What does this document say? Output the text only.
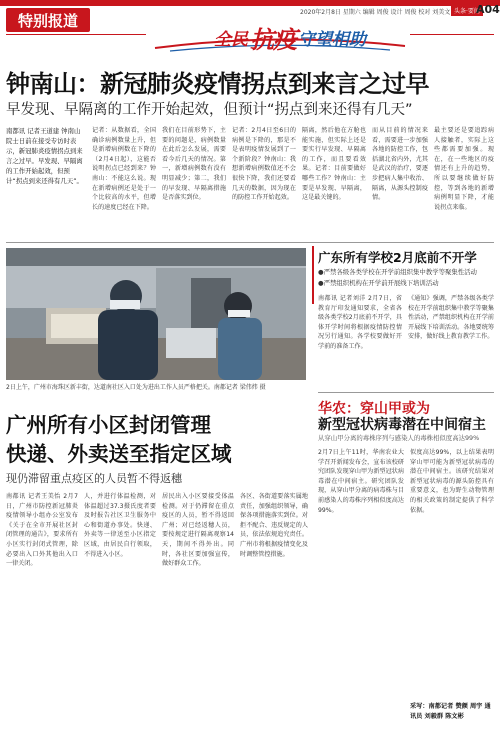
特别报道	2020年2月8日 星期六 编辑 周俊 设计 周俊 校对 刘美文 头条·要闻
A04
全民 抗疫 守望相助
钟南山：新冠肺炎疫情拐点到来言之过早
早发现、早隔离的工作开始起效，但预计“拐点到来还得有几天”
南都讯 记者王道建 钟南山院士日前在接受专访时表示，新冠肺炎疫情拐点到来言之过早。早发现、早隔离的工作开始起效，但预计“拐点到来还得有几天”。
记者：从数据看，全国确诊病例数量上升，但是新增病例数在下降的（2月4日起），这能否说明拐点已经到来？钟南山：不能这么说。现在新增病例还是处于一个比较高的水平，但增长的速度已经在下降。
我们在目前形势下，主要的问题是，病例数量在此后怎么发展，需要看今后几天的情况。第一，新增病例数有没有明显减少；第二，我们的早发现、早隔离措施是否落实到位。
记者：2月4日至6日的病例是下降的，那是不是表明疫情发展到了一个新阶段？钟南山：我想新增病例数值还不会很快下降，我们还要看几天的数据，因为现在的防控工作开始起效。
隔离，然后他在方舱也能实施，但实际上还是要实行早发现、早隔离的工作，而且要看效果。记者：目前要做好哪些工作？钟南山：主要是早发现、早隔离，这是最关键的。
而从目前的情况来看，需要进一步加强各地的防控工作，包括湖北省内外，尤其是武汉的治疗，要逐步把病人集中收治、隔离，从源头控制疫情。
最主要还是要追踪病人接触者，实际上这些都需要加强。现在，在一些地区的疫情还有上升的趋势，所以要继续做好防控，等到各地的新增病例明显下降，才能说拐点来临。
2日上午，广州市海珠区新丰街，达道南社区入口处为进出工作人员严格把关。南都记者 梁伟炜 摄
广东所有学校2月底前不开学
●严禁各级各类学校在开学前组织集中教学等聚集性活动
●严禁组织机构在开学前开展线下培训活动
南都讯 记者刘洋 2月7日，省教育厅印发通知要求，全省各级各类学校2月底前不开学，具体开学时间将根据疫情防控情况另行通知。各学校要做好开学前的准备工作。
《通知》强调，严禁各级各类学校在开学前组织集中教学等聚集性活动，严禁组织机构在开学前开展线下培训活动。各地要统筹安排，做好线上教育教学工作。
华农：穿山甲或为
新型冠状病毒潜在中间宿主
从穿山甲分离的毒株序列与感染人的毒株相似度高达99%
2月7日上午11时，华南农业大学召开新闻发布会，宣布该校研究团队发现穿山甲为新型冠状病毒潜在中间宿主。研究团队发现，从穿山甲分离的病毒株与目前感染人的毒株序列相似度高达99%。
似度高达99%，以上结果表明穿山甲可能为新型冠状病毒的潜在中间宿主。该研究结果对新型冠状病毒的源头防控具有重要意义，也为野生动物管理的相关政策的制定提供了科学依据。
采写：南都记者 赞颜 周宇 通讯员 刘毅群 陈文彬
广州所有小区封闭管理
快递、外卖送至指定区域
现仍滞留重点疫区的人员暂不得返穗
南都讯 记者王美怡 2月7日，广州市防控新冠肺炎疫情领导小组办公室发布《关于在全市开展社区封闭管理的通告》，要求所有小区实行封闭式管理，除必要出入口外其他出入口一律关闭。
人，并进行体温检测，对体温超过37.3摄氏度者要及时报告社区卫生服务中心和街道办事处。快递、外卖等一律送至小区指定区域，由居民自行领取，不得进入小区。
居民出入小区要接受体温检测。对于仍滞留在重点疫区的人员，暂不得返回广州；对已经返穗人员，要按规定进行隔离观察14天，期间不得外出。同时，各社区要加强宣传，做好群众工作。
各区、各街道要落实属地责任，加强组织领导，确保各项措施落实到位。对拒不配合、违反规定的人员，依法依规追究责任。广州市将根据疫情变化及时调整管控措施。
